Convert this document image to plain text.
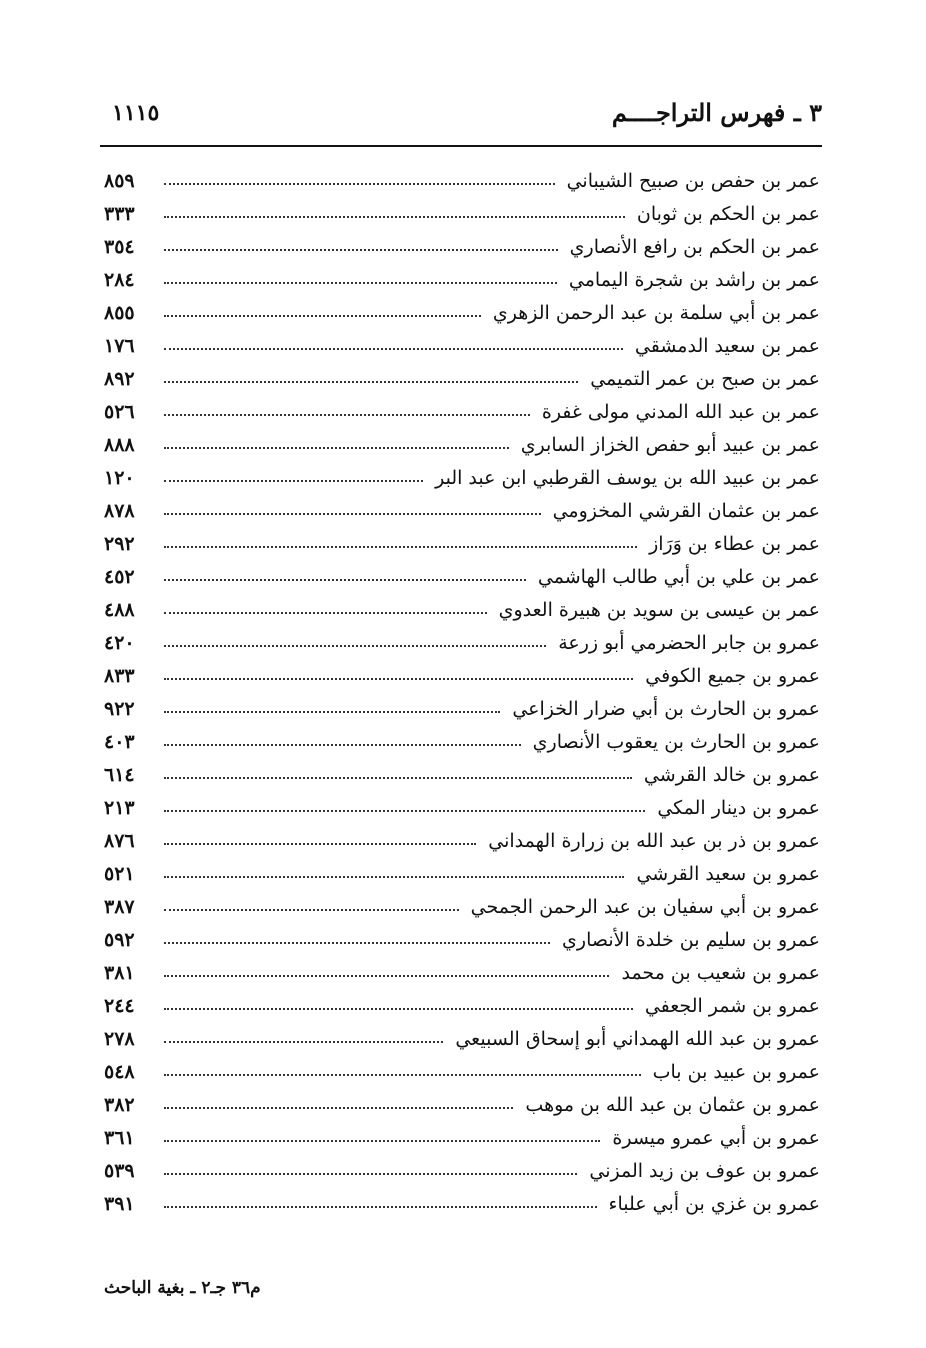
١١١٥	٣ ـ فهرس التراجــــم
٨٥٩	عمر بن حفص بن صبيح الشيباني
٣٣٣	عمر بن الحكم بن ثوبان
٣٥٤	عمر بن الحكم بن رافع الأنصاري
٢٨٤	عمر بن راشد بن شجرة اليمامي
٨٥٥	عمر بن أبي سلمة بن عبد الرحمن الزهري
١٧٦	عمر بن سعيد الدمشقي
٨٩٢	عمر بن صبح بن عمر التميمي
٥٢٦	عمر بن عبد الله المدني مولى غفرة
٨٨٨	عمر بن عبيد أبو حفص الخزاز السابري
١٢٠	عمر بن عبيد الله بن يوسف القرطبي ابن عبد البر
٨٧٨	عمر بن عثمان القرشي المخزومي
٢٩٢	عمر بن عطاء بن وَرَاز
٤٥٢	عمر بن علي بن أبي طالب الهاشمي
٤٨٨	عمر بن عيسى بن سويد بن هبيرة العدوي
٤٢٠	عمرو بن جابر الحضرمي أبو زرعة
٨٣٣	عمرو بن جميع الكوفي
٩٢٢	عمرو بن الحارث بن أبي ضرار الخزاعي
٤٠٣	عمرو بن الحارث بن يعقوب الأنصاري
٦١٤	عمرو بن خالد القرشي
٢١٣	عمرو بن دينار المكي
٨٧٦	عمرو بن ذر بن عبد الله بن زرارة الهمداني
٥٢١	عمرو بن سعيد القرشي
٣٨٧	عمرو بن أبي سفيان بن عبد الرحمن الجمحي
٥٩٢	عمرو بن سليم بن خلدة الأنصاري
٣٨١	عمرو بن شعيب بن محمد
٢٤٤	عمرو بن شمر الجعفي
٢٧٨	عمرو بن عبد الله الهمداني أبو إسحاق السبيعي
٥٤٨	عمرو بن عبيد بن باب
٣٨٢	عمرو بن عثمان بن عبد الله بن موهب
٣٦١	عمرو بن أبي عمرو ميسرة
٥٣٩	عمرو بن عوف بن زيد المزني
٣٩١	عمرو بن غزي بن أبي علباء
م٣٦ جـ٢ ـ بغية الباحث
